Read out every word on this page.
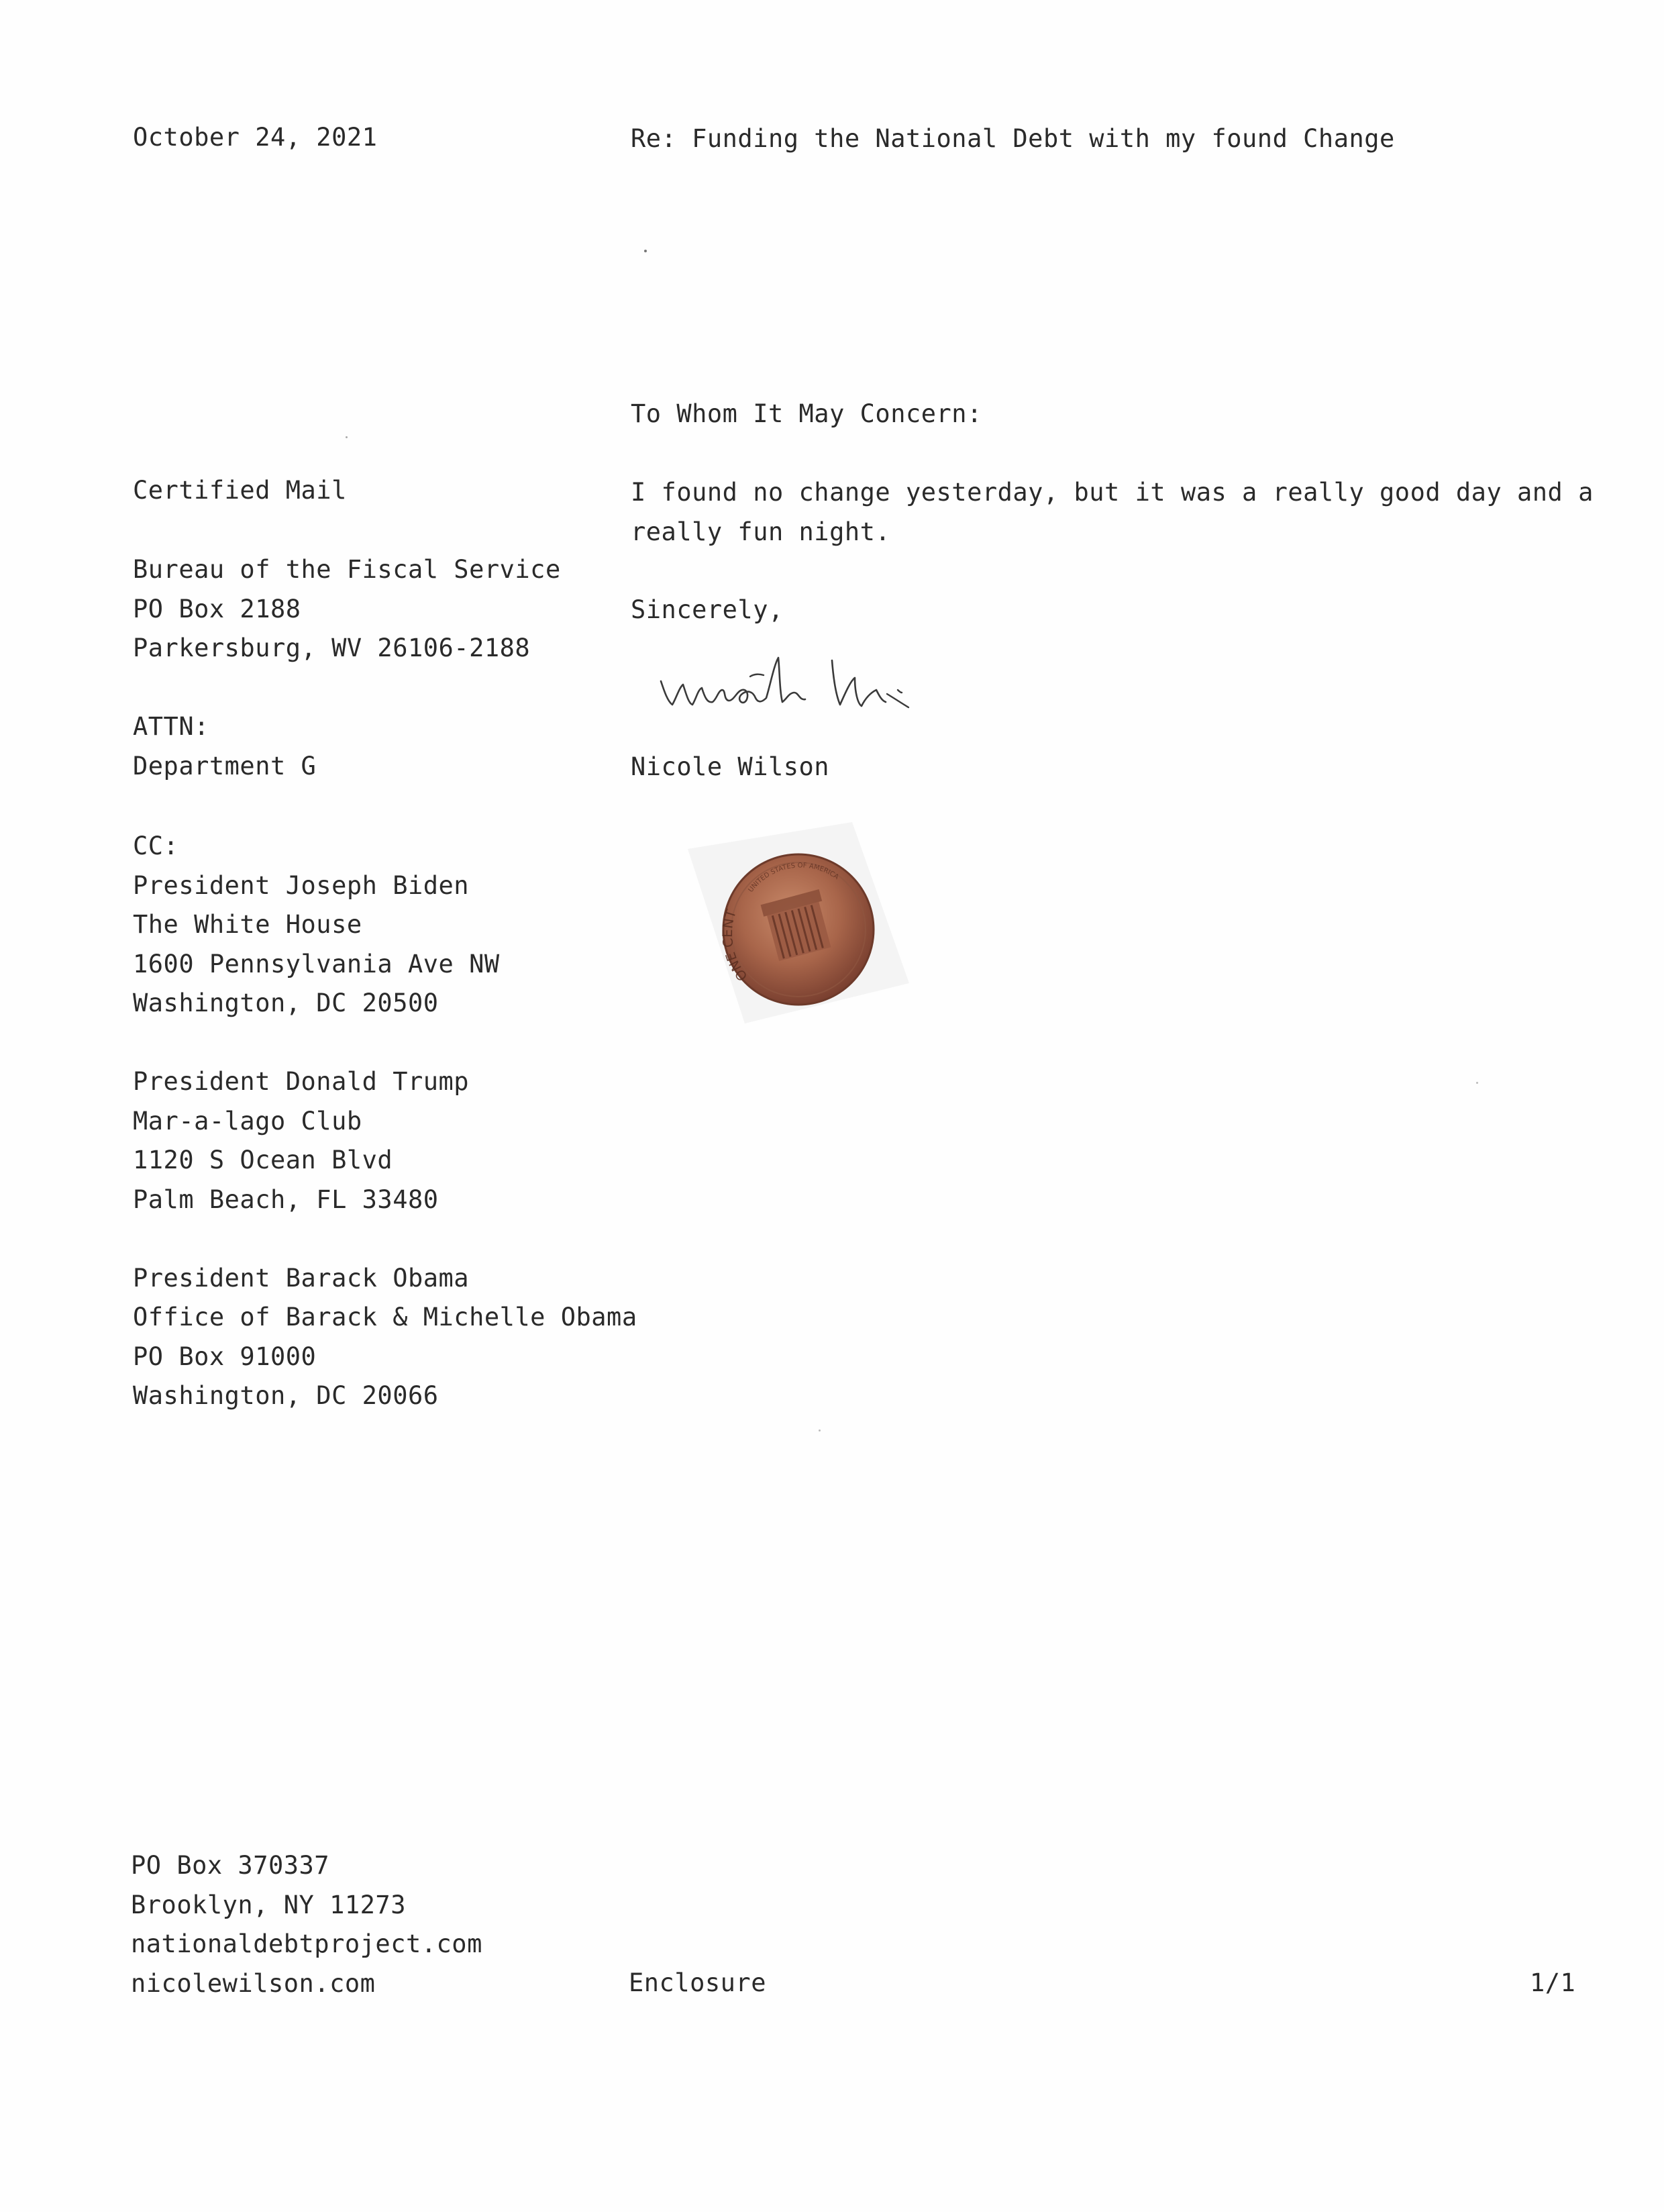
October 24, 2021	Re: Funding the National Debt with my found Change
To Whom It May Concern:
Certified Mail	I found no change yesterday, but it was a really good day and a
really fun night.
Bureau of the Fiscal Service
PO Box 2188
Parkersburg, WV 26106-2188
Sincerely,
ATTN:
Department G	Nicole Wilson
CC:
President Joseph Biden
The White House
1600 Pennsylvania Ave NW
Washington, DC 20500
President Donald Trump
Mar-a-lago Club
1120 S Ocean Blvd
Palm Beach, FL 33480
President Barack Obama
Office of Barack & Michelle Obama
PO Box 91000
Washington, DC 20066
ONE CENT
UNITED STATES OF AMERICA
PO Box 370337
Brooklyn, NY 11273
nationaldebtproject.com
nicolewilson.com	Enclosure	1/1
